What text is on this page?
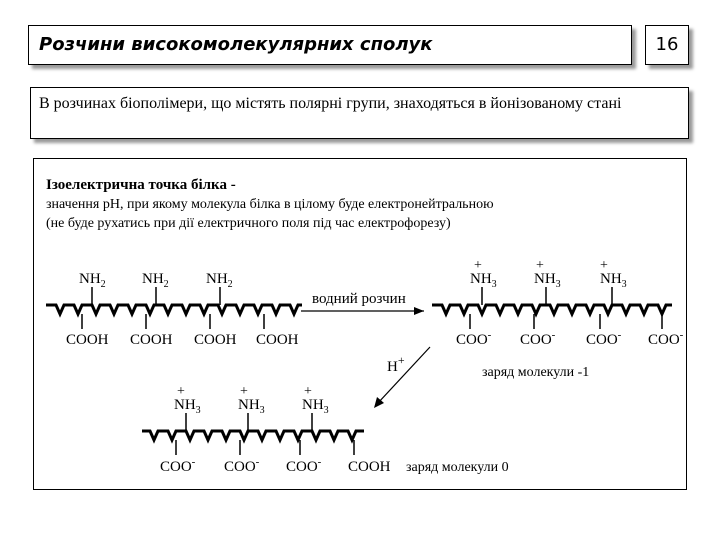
Розчини високомолекулярних сполук	16
В розчинах біополімери, що містять полярні групи, знаходяться в йонізованому стані
Ізоелектрична точка білка -
значення pH, при якому молекула білка в цілому буде електронейтральною
(не буде рухатись при дії електричного поля під час електрофорезу)
$NH_2$ $NH_2$ $NH_2$
COOH COOH COOH COOH
водний розчин
+	+	+
$NH_3$ $NH_3$	$NH_3$
COO- COO- COO- COO-
заряд молекули -1
H+
+	+	+
$NH_3$ $NH_3$ $NH_3$
COO- COO- COO- COOH заряд молекули 0
